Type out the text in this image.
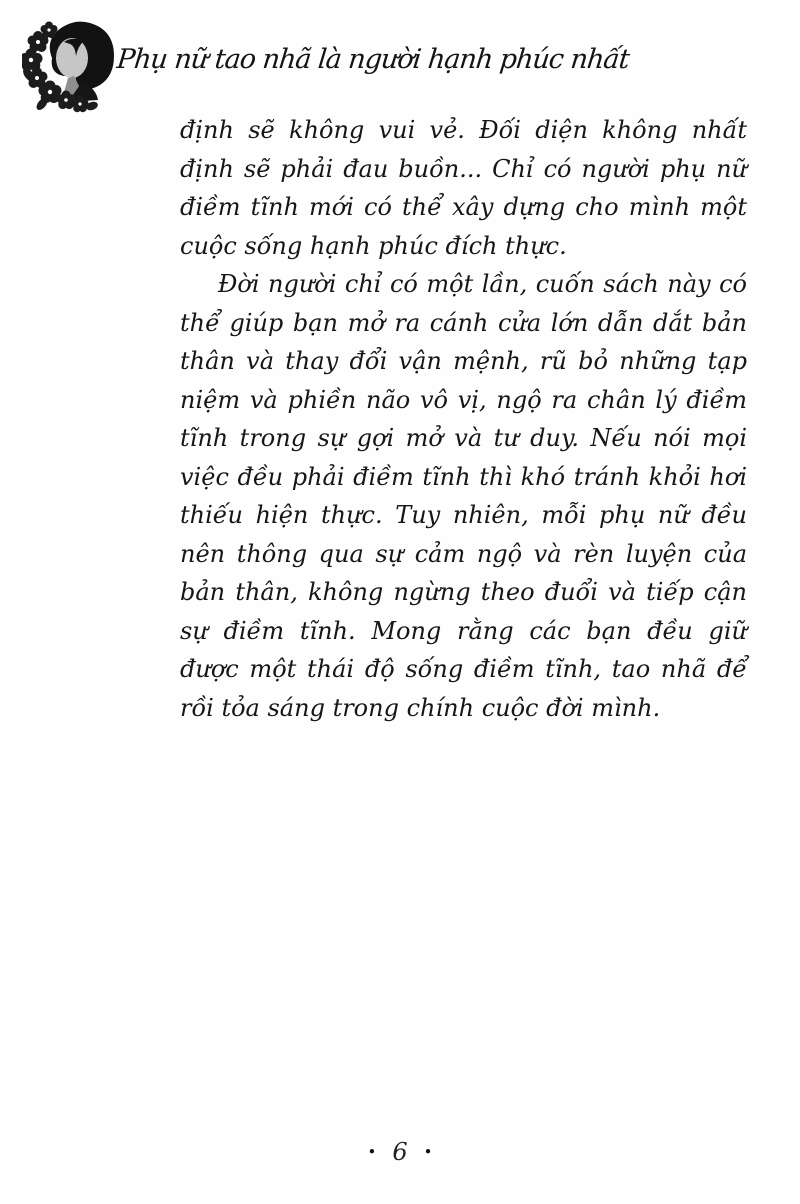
Phụ nữ tao nhã là người hạnh phúc nhất

định sẽ không vui vẻ. Đối diện không nhất định sẽ phải đau buồn... Chỉ có người phụ nữ điềm tĩnh mới có thể xây dựng cho mình một cuộc sống hạnh phúc đích thực.

Đời người chỉ có một lần, cuốn sách này có thể giúp bạn mở ra cánh cửa lớn dẫn dắt bản thân và thay đổi vận mệnh, rũ bỏ những tạp niệm và phiền não vô vị, ngộ ra chân lý điềm tĩnh trong sự gợi mở và tư duy. Nếu nói mọi việc đều phải điềm tĩnh thì khó tránh khỏi hơi thiếu hiện thực. Tuy nhiên, mỗi phụ nữ đều nên thông qua sự cảm ngộ và rèn luyện của bản thân, không ngừng theo đuổi và tiếp cận sự điềm tĩnh. Mong rằng các bạn đều giữ được một thái độ sống điềm tĩnh, tao nhã để rồi tỏa sáng trong chính cuộc đời mình.

• 6 •
